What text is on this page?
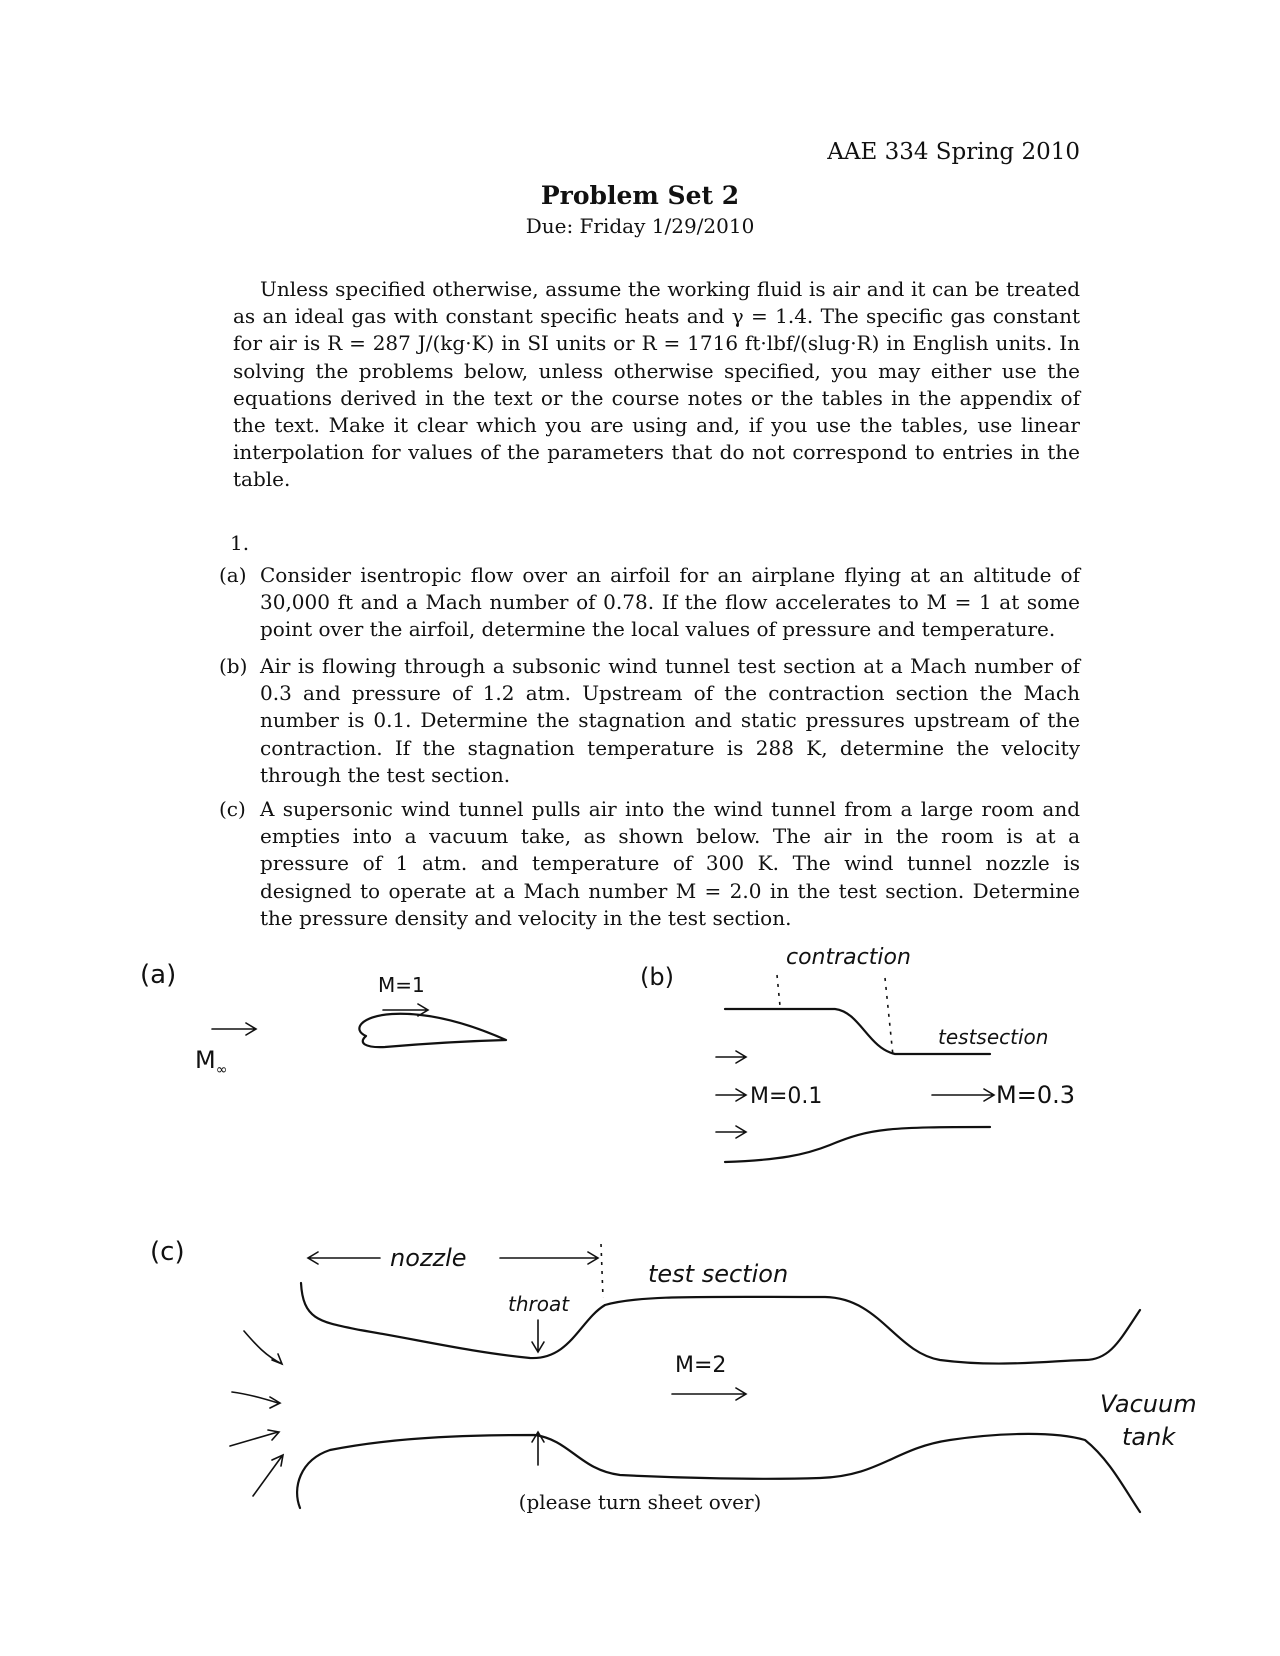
AAE 334 Spring 2010
Problem Set 2
Due: Friday 1/29/2010

Unless specified otherwise, assume the working fluid is air and it can be treated as an ideal gas with constant specific heats and γ = 1.4. The specific gas constant for air is R = 287 J/(kg·K) in SI units or R = 1716 ft·lbf/(slug·R) in English units. In solving the problems below, unless otherwise specified, you may either use the equations derived in the text or the course notes or the tables in the appendix of the text. Make it clear which you are using and, if you use the tables, use linear interpolation for values of the parameters that do not correspond to entries in the table.

1.
(a) Consider isentropic flow over an airfoil for an airplane flying at an altitude of 30,000 ft and a Mach number of 0.78. If the flow accelerates to M = 1 at some point over the airfoil, determine the local values of pressure and temperature.
(b) Air is flowing through a subsonic wind tunnel test section at a Mach number of 0.3 and pressure of 1.2 atm. Upstream of the contraction section the Mach number is 0.1. Determine the stagnation and static pressures upstream of the contraction. If the stagnation temperature is 288 K, determine the velocity through the test section.
(c) A supersonic wind tunnel pulls air into the wind tunnel from a large room and empties into a vacuum take, as shown below. The air in the room is at a pressure of 1 atm. and temperature of 300 K. The wind tunnel nozzle is designed to operate at a Mach number M = 2.0 in the test section. Determine the pressure density and velocity in the test section.
(a)	M=1
$M_\infty$
(b)
contraction
testsection
M=0.1	M=0.3
(c)	nozzle
test section
throat
M=2
Vacuum
tank
(please turn sheet over)
